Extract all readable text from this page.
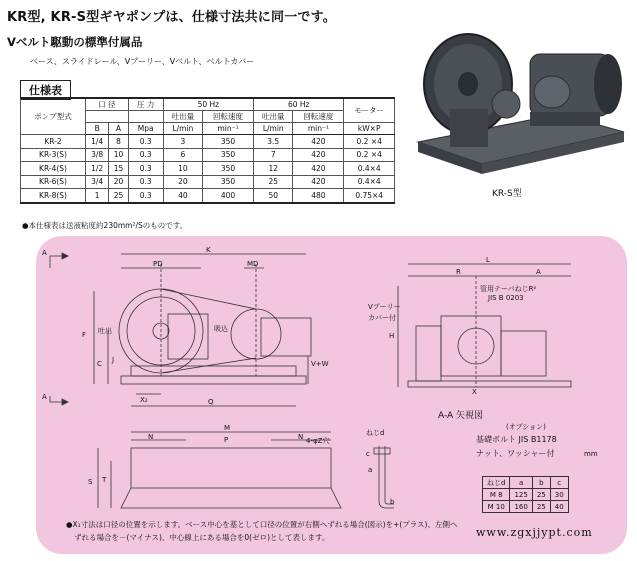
KR型, KR-S型ギヤポンプは、仕様寸法共に同一です。
Vベルト駆動の標準付属品
ベース、スライドレール、Vプーリー、Vベルト、ベルトカバー
仕様表
ポンプ型式	口 径		圧 力	50 Hz		60 Hz		モーター
				吐出量	回転速度	吐出量	回転速度	
	B	A	Mpa	L/min	min⁻¹	L/min	min⁻¹	kW×P
KR-2	1/4	8	0.3	3	350	3.5	420	0.2 ×4
KR-3(S)	3/8	10	0.3	6	350	7	420	0.2 ×4
KR-4(S)	1/2	15	0.3	10	350	12	420	0.4×4
KR-6(S)	3/4	20	0.3	20	350	25	420	0.4×4
KR-8(S)	1	25	0.3	40	400	50	480	0.75×4
●本仕様表は送液粘度約230mm²/Sのものです。
KR-S型
A
A
K
PD	MD
F
C J
吐出	吸込
X₂	Q
V+W
L
R	A
H
X
管用テーパねじRᵖ
JIS B 0203
Vプーリー
カバー付
A-A 矢視図
N	N
M
P
T
S
4-φZ穴
ねじd
a
b
c
(オプション)
基礎ボルト JIS B1178
ナット、ワッシャー付	mm
ねじd	a	b	c
M 8	125	25	30
M 10	160	25	40
●X₁寸法は口径の位置を示します。ベース中心を基として口径の位置が右側へずれる場合(図示)を+(プラス)、左側へ
ずれる場合を－(マイナス)、中心線上にある場合を0(ゼロ)として表します。	www.zgxjjypt.com
